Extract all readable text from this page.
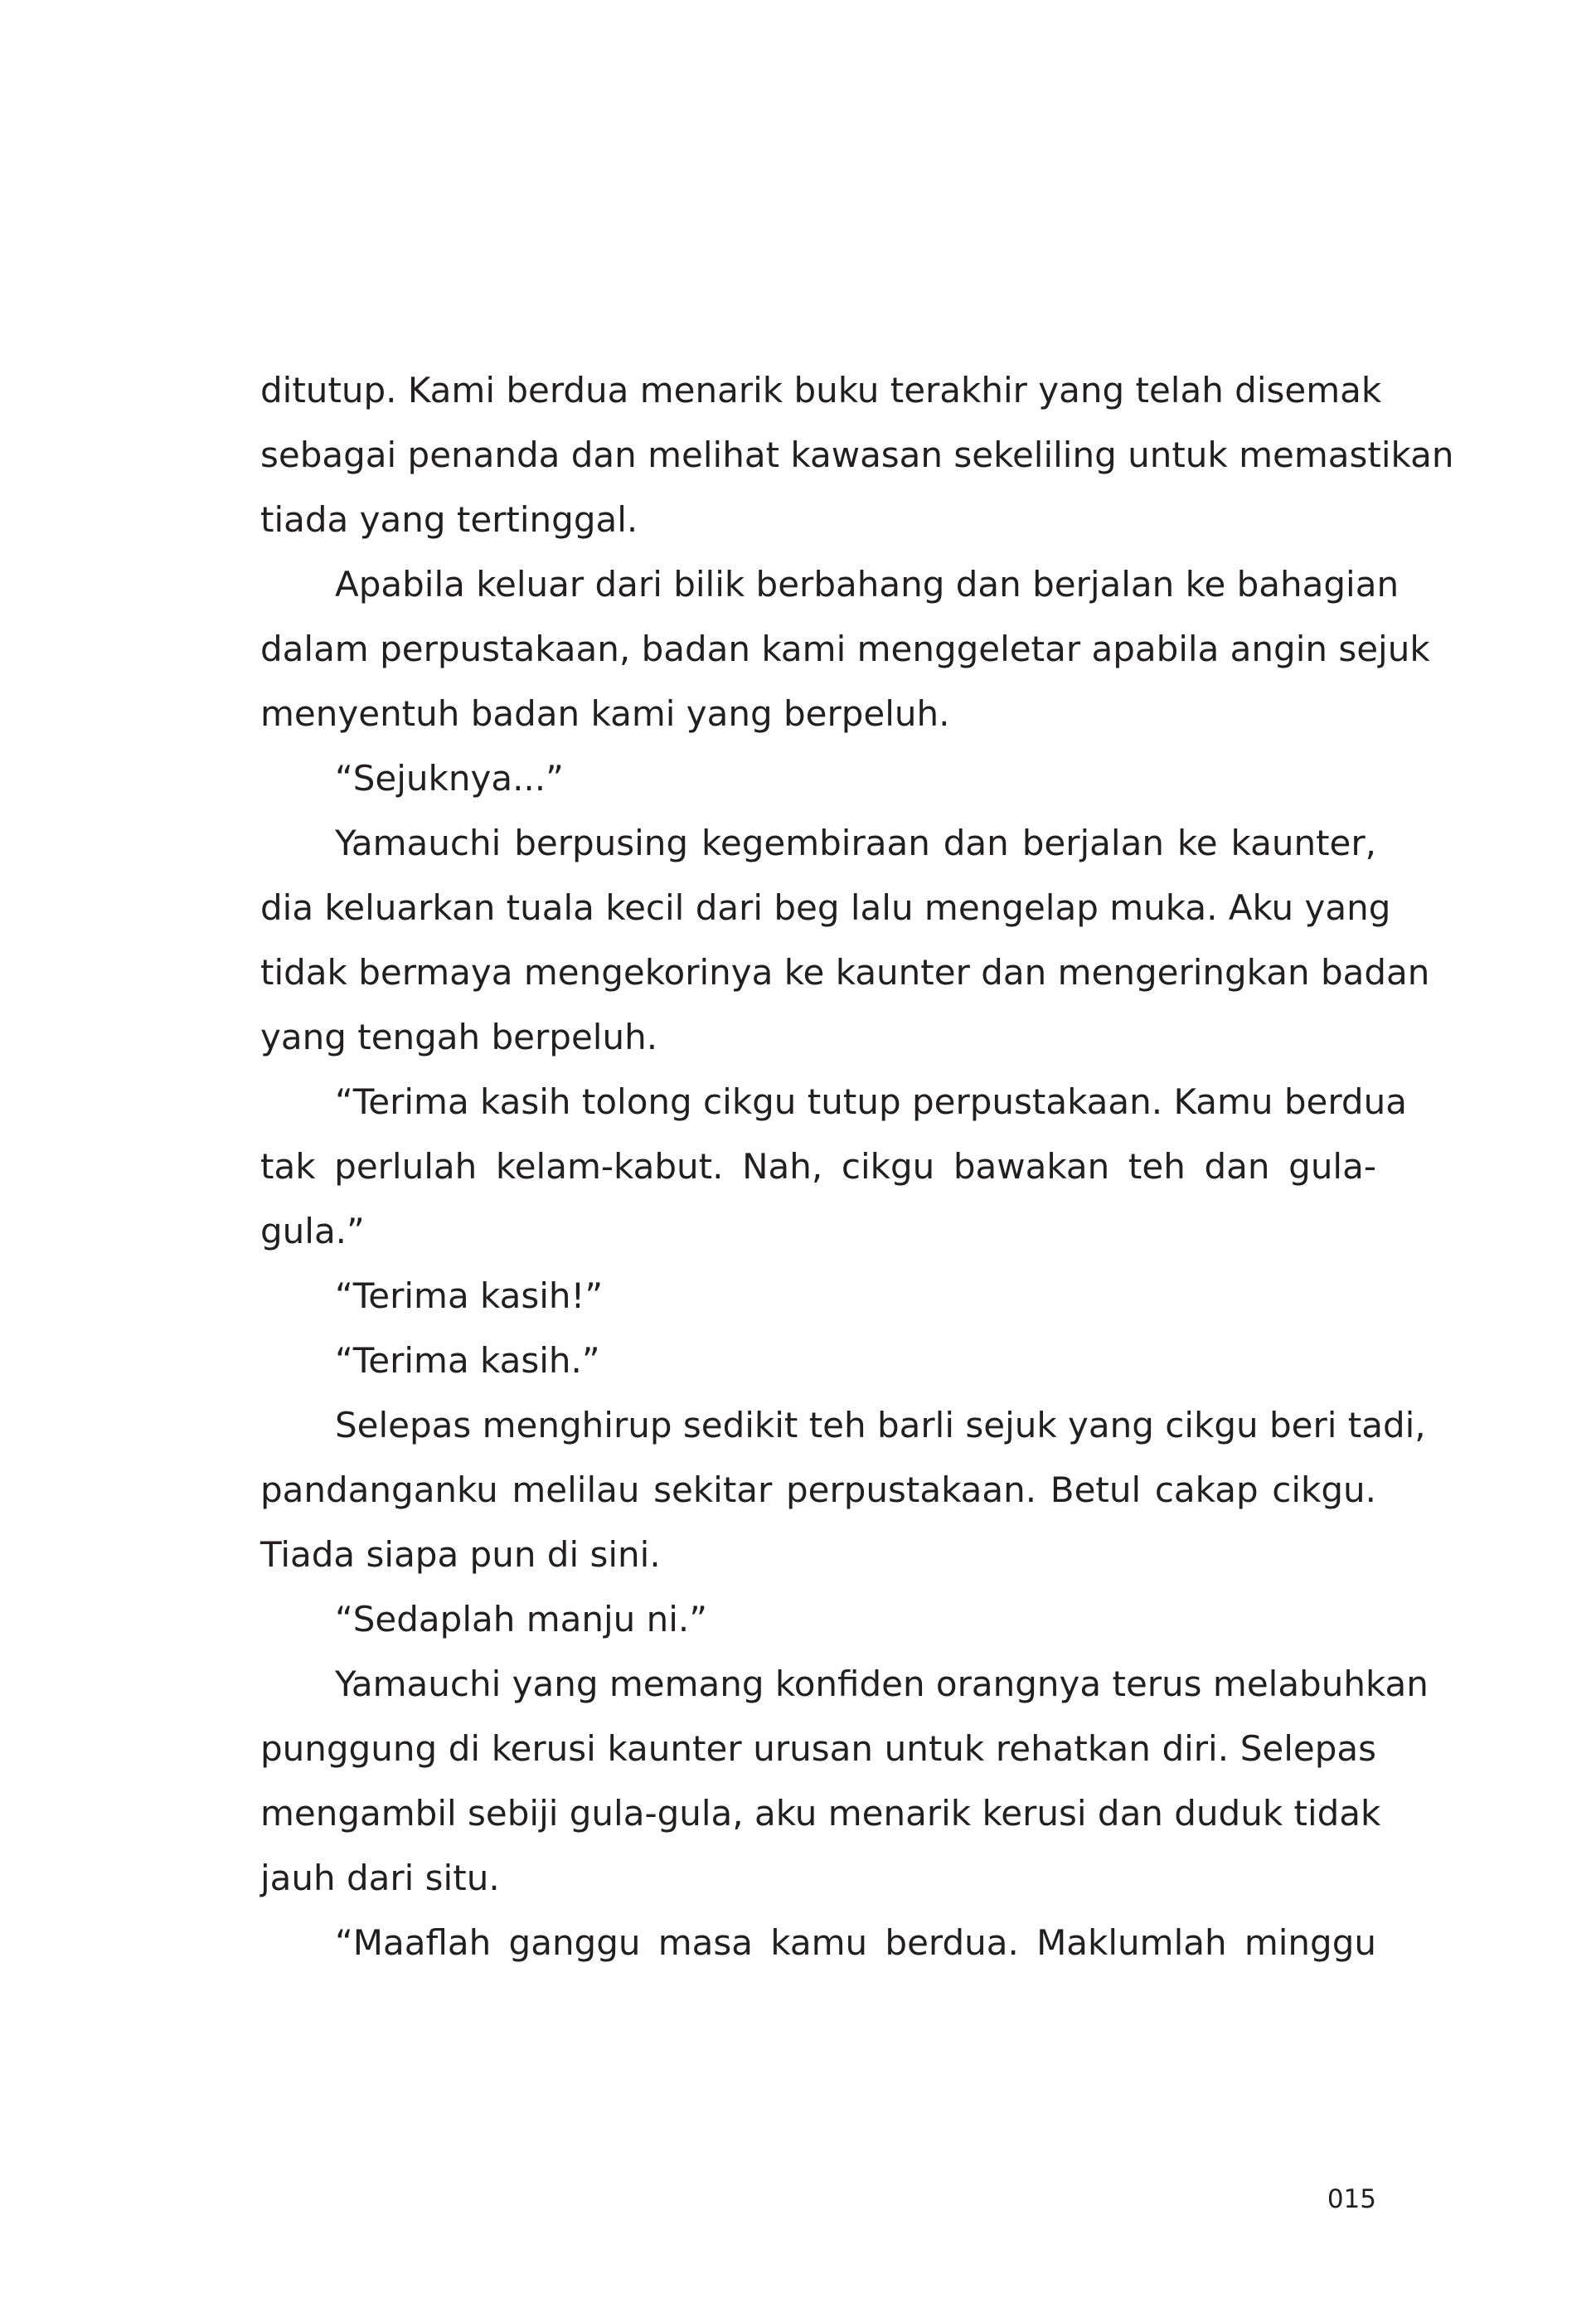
ditutup. Kami berdua menarik buku terakhir yang telah disemak
sebagai penanda dan melihat kawasan sekeliling untuk memastikan
tiada yang tertinggal.
Apabila keluar dari bilik berbahang dan berjalan ke bahagian
dalam perpustakaan, badan kami menggeletar apabila angin sejuk
menyentuh badan kami yang berpeluh.
“Sejuknya...”
Yamauchi berpusing kegembiraan dan berjalan ke kaunter,
dia keluarkan tuala kecil dari beg lalu mengelap muka. Aku yang
tidak bermaya mengekorinya ke kaunter dan mengeringkan badan
yang tengah berpeluh.
“Terima kasih tolong cikgu tutup perpustakaan. Kamu berdua
tak perlulah kelam-kabut. Nah, cikgu bawakan teh dan gula-
gula.”
“Terima kasih!”
“Terima kasih.”
Selepas menghirup sedikit teh barli sejuk yang cikgu beri tadi,
pandanganku melilau sekitar perpustakaan. Betul cakap cikgu.
Tiada siapa pun di sini.
“Sedaplah manju ni.”
Yamauchi yang memang konfiden orangnya terus melabuhkan
punggung di kerusi kaunter urusan untuk rehatkan diri. Selepas
mengambil sebiji gula-gula, aku menarik kerusi dan duduk tidak
jauh dari situ.
“Maaflah ganggu masa kamu berdua. Maklumlah minggu
015
